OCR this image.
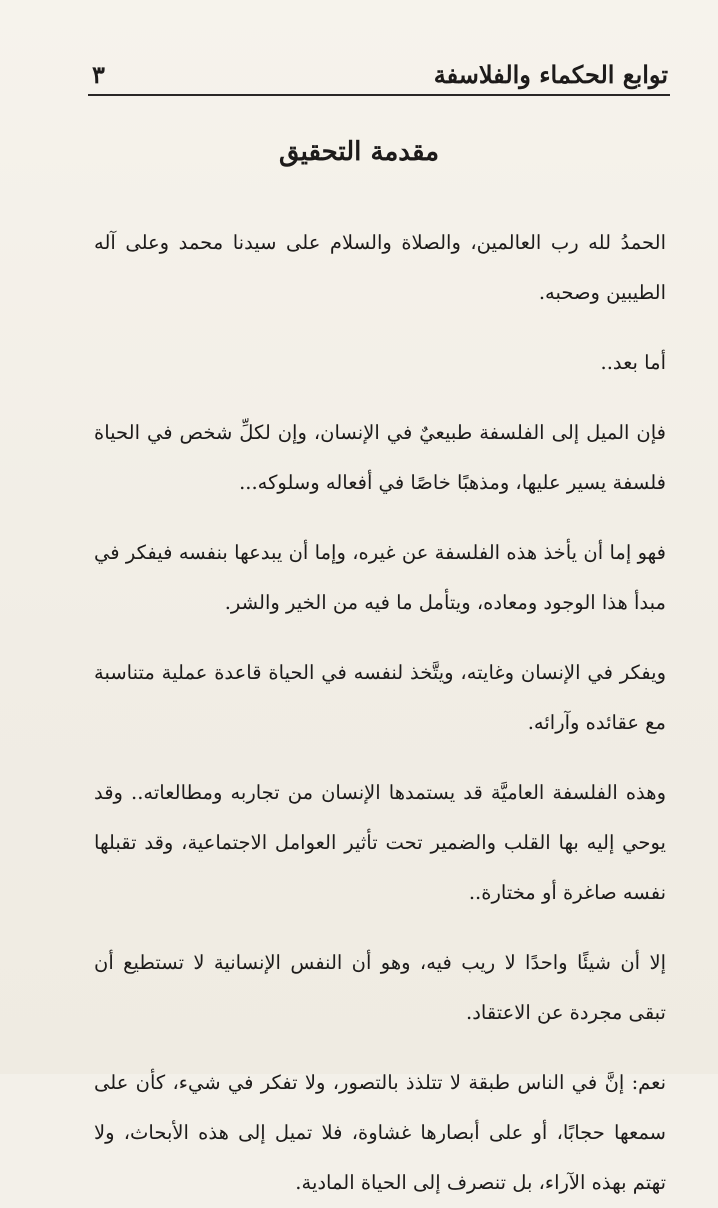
توابع الحكماء والفلاسفة
٣
مقدمة التحقيق

الحمدُ لله رب العالمين، والصلاة والسلام على سيدنا محمد وعلى آله الطيبين وصحبه.

أما بعد..

فإن الميل إلى الفلسفة طبيعيٌ في الإنسان، وإن لكلِّ شخص في الحياة فلسفة يسير عليها، ومذهبًا خاصًا في أفعاله وسلوكه...

فهو إما أن يأخذ هذه الفلسفة عن غيره، وإما أن يبدعها بنفسه فيفكر في مبدأ هذا الوجود ومعاده، ويتأمل ما فيه من الخير والشر.

ويفكر في الإنسان وغايته، ويتَّخذ لنفسه في الحياة قاعدة عملية متناسبة مع عقائده وآرائه.

وهذه الفلسفة العاميَّة قد يستمدها الإنسان من تجاربه ومطالعاته.. وقد يوحي إليه بها القلب والضمير تحت تأثير العوامل الاجتماعية، وقد تقبلها نفسه صاغرة أو مختارة..

إلا أن شيئًا واحدًا لا ريب فيه، وهو أن النفس الإنسانية لا تستطيع أن تبقى مجردة عن الاعتقاد.

نعم: إنَّ في الناس طبقة لا تتلذذ بالتصور، ولا تفكر في شيء، كأن على سمعها حجابًا، أو على أبصارها غشاوة، فلا تميل إلى هذه الأبحاث، ولا تهتم بهذه الآراء، بل تنصرف إلى الحياة المادية.
